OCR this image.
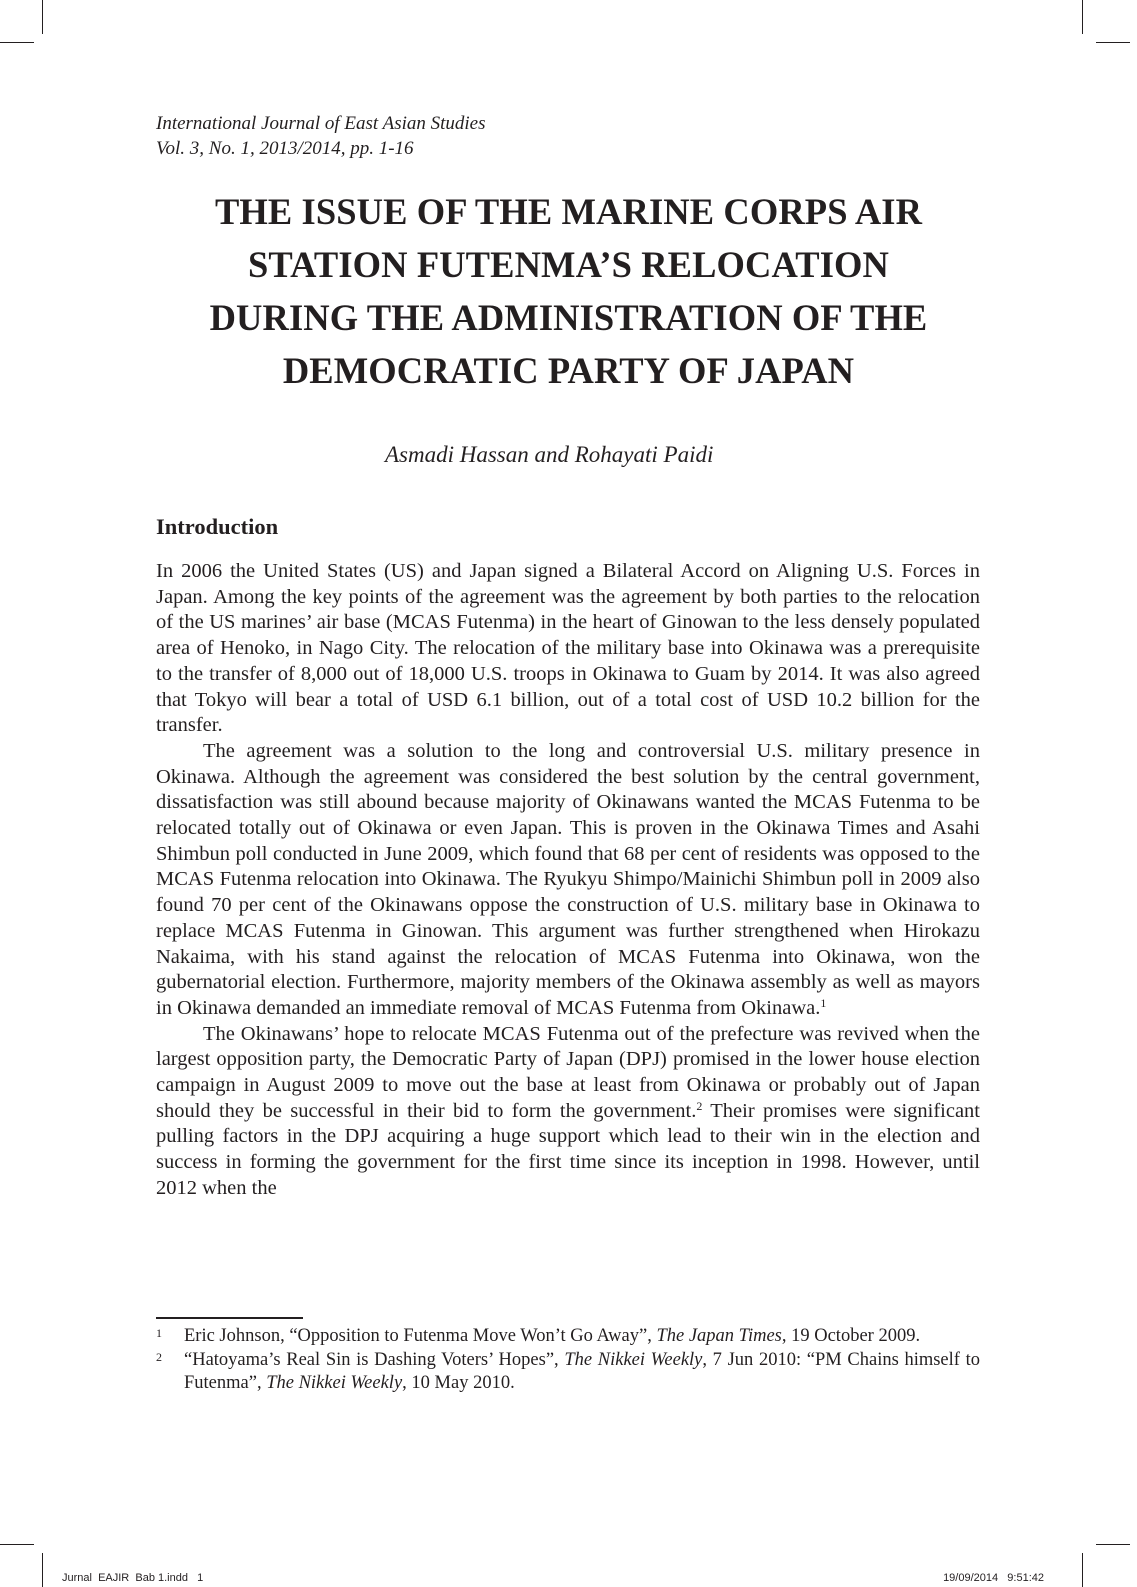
International Journal of East Asian Studies
Vol. 3, No. 1, 2013/2014, pp. 1-16
THE ISSUE OF THE MARINE CORPS AIR
STATION FUTENMA’S RELOCATION
DURING THE ADMINISTRATION OF THE
DEMOCRATIC PARTY OF JAPAN
Asmadi Hassan and Rohayati Paidi
Introduction

In 2006 the United States (US) and Japan signed a Bilateral Accord on Aligning U.S. Forces in Japan. Among the key points of the agreement was the agreement by both parties to the relocation of the US marines’ air base (MCAS Futenma) in the heart of Ginowan to the less densely populated area of Henoko, in Nago City. The relocation of the military base into Okinawa was a prerequisite to the transfer of 8,000 out of 18,000 U.S. troops in Okinawa to Guam by 2014. It was also agreed that Tokyo will bear a total of USD 6.1 billion, out of a total cost of USD 10.2 billion for the transfer.

The agreement was a solution to the long and controversial U.S. military presence in Okinawa. Although the agreement was considered the best solution by the central government, dissatisfaction was still abound because majority of Okinawans wanted the MCAS Futenma to be relocated totally out of Okinawa or even Japan. This is proven in the Okinawa Times and Asahi Shimbun poll conducted in June 2009, which found that 68 per cent of residents was opposed to the MCAS Futenma relocation into Okinawa. The Ryukyu Shimpo/Mainichi Shimbun poll in 2009 also found 70 per cent of the Okinawans oppose the construction of U.S. military base in Okinawa to replace MCAS Futenma in Ginowan. This argument was further strengthened when Hirokazu Nakaima, with his stand against the relocation of MCAS Futenma into Okinawa, won the gubernatorial election. Furthermore, majority members of the Okinawa assembly as well as mayors in Okinawa demanded an immediate removal of MCAS Futenma from Okinawa.$^1$

The Okinawans’ hope to relocate MCAS Futenma out of the prefecture was revived when the largest opposition party, the Democratic Party of Japan (DPJ) promised in the lower house election campaign in August 2009 to move out the base at least from Okinawa or probably out of Japan should they be successful in their bid to form the government.$^2$ Their promises were significant pulling factors in the DPJ acquiring a huge support which lead to their win in the election and success in forming the government for the first time since its inception in 1998. However, until 2012 when the

1 Eric Johnson, “Opposition to Futenma Move Won’t Go Away”, The Japan Times, 19 October 2009.
2 “Hatoyama’s Real Sin is Dashing Voters’ Hopes”, The Nikkei Weekly, 7 Jun 2010: “PM Chains himself to Futenma”, The Nikkei Weekly, 10 May 2010.
Jurnal  EAJIR  Bab 1.indd   1	19/09/2014   9:51:42
